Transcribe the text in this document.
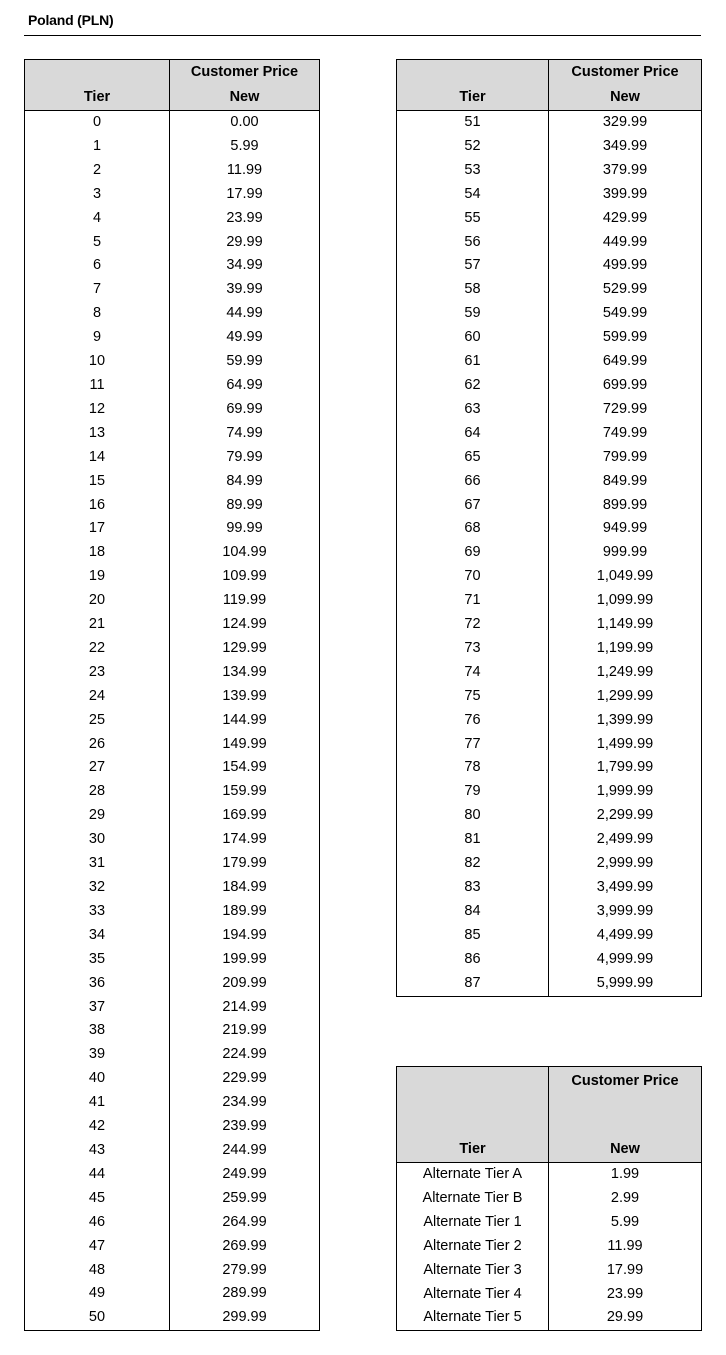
Poland (PLN)
Tier	Customer Price
New

0	0.00
1	5.99
2	11.99
3	17.99
4	23.99
5	29.99
6	34.99
7	39.99
8	44.99
9	49.99
10	59.99
11	64.99
12	69.99
13	74.99
14	79.99
15	84.99
16	89.99
17	99.99
18	104.99
19	109.99
20	119.99
21	124.99
22	129.99
23	134.99
24	139.99
25	144.99
26	149.99
27	154.99
28	159.99
29	169.99
30	174.99
31	179.99
32	184.99
33	189.99
34	194.99
35	199.99
36	209.99
37	214.99
38	219.99
39	224.99
40	229.99
41	234.99
42	239.99
43	244.99
44	249.99
45	259.99
46	264.99
47	269.99
48	279.99
49	289.99
50	299.99
Tier	Customer Price
New

51	329.99
52	349.99
53	379.99
54	399.99
55	429.99
56	449.99
57	499.99
58	529.99
59	549.99
60	599.99
61	649.99
62	699.99
63	729.99
64	749.99
65	799.99
66	849.99
67	899.99
68	949.99
69	999.99
70	1,049.99
71	1,099.99
72	1,149.99
73	1,199.99
74	1,249.99
75	1,299.99
76	1,399.99
77	1,499.99
78	1,799.99
79	1,999.99
80	2,299.99
81	2,499.99
82	2,999.99
83	3,499.99
84	3,999.99
85	4,499.99
86	4,999.99
87	5,999.99
Tier	Customer Price
New

Alternate Tier A	1.99
Alternate Tier B	2.99
Alternate Tier 1	5.99
Alternate Tier 2	11.99
Alternate Tier 3	17.99
Alternate Tier 4	23.99
Alternate Tier 5	29.99
